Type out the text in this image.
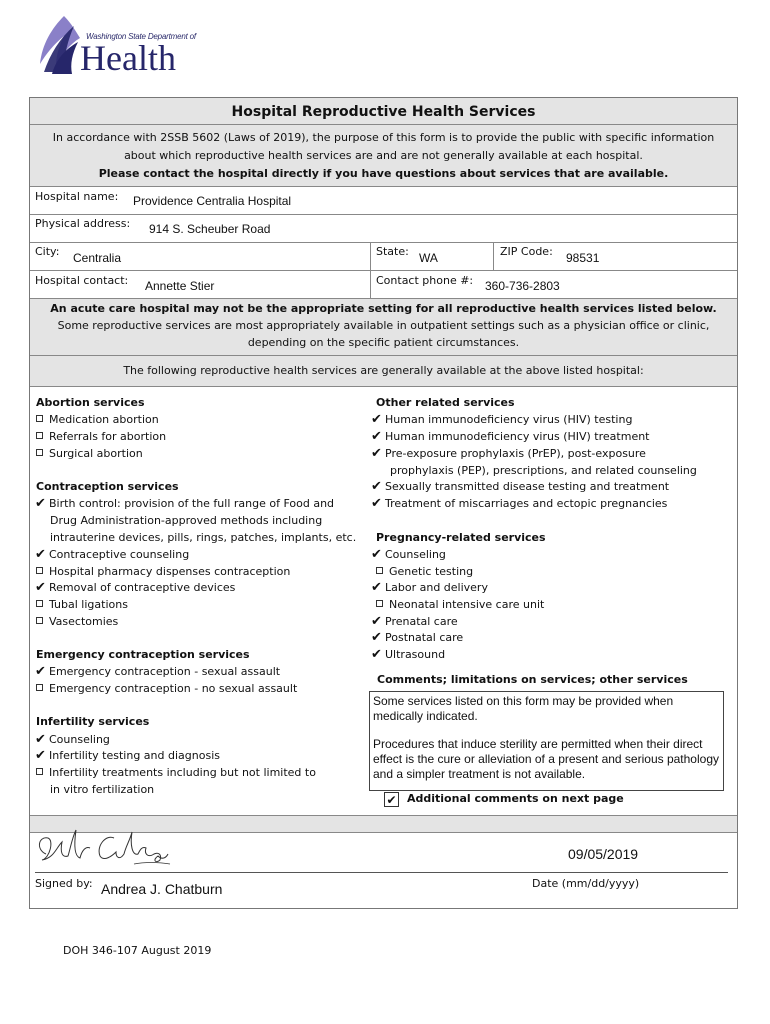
Washington State Department of
Health
Hospital Reproductive Health Services
In accordance with 2SSB 5602 (Laws of 2019), the purpose of this form is to provide the public with specific information
about which reproductive health services are and are not generally available at each hospital.
Please contact the hospital directly if you have questions about services that are available.
Hospital name: Providence Centralia Hospital
Physical address: 914 S. Scheuber Road
City: Centralia	State: WA	ZIP Code: 98531
Hospital contact: Annette Stier	Contact phone #: 360-736-2803
An acute care hospital may not be the appropriate setting for all reproductive health services listed below.
Some reproductive services are most appropriately available in outpatient settings such as a physician office or clinic,
depending on the specific patient circumstances.
The following reproductive health services are generally available at the above listed hospital:
Abortion services
Medication abortion
Referrals for abortion
Surgical abortion
Contraception services
✔ Birth control: provision of the full range of Food and
Drug Administration-approved methods including
intrauterine devices, pills, rings, patches, implants, etc.
✔ Contraceptive counseling
Hospital pharmacy dispenses contraception
✔ Removal of contraceptive devices
Tubal ligations
Vasectomies
Emergency contraception services
✔ Emergency contraception - sexual assault
Emergency contraception - no sexual assault
Infertility services
✔ Counseling
✔ Infertility testing and diagnosis
Infertility treatments including but not limited to
in vitro fertilization
Other related services
✔ Human immunodeficiency virus (HIV) testing
✔ Human immunodeficiency virus (HIV) treatment
✔ Pre-exposure prophylaxis (PrEP), post-exposure
prophylaxis (PEP), prescriptions, and related counseling
✔ Sexually transmitted disease testing and treatment
✔ Treatment of miscarriages and ectopic pregnancies
Pregnancy-related services
✔ Counseling
Genetic testing
✔ Labor and delivery
Neonatal intensive care unit
✔ Prenatal care
✔ Postnatal care
✔ Ultrasound
Comments; limitations on services; other services
Some services listed on this form may be provided when medically indicated.
Procedures that induce sterility are permitted when their direct effect is the cure or alleviation of a present and serious pathology and a simpler treatment is not available.
✔ Additional comments on next page
09/05/2019
Signed by: Andrea J. Chatburn	Date (mm/dd/yyyy)
DOH 346-107 August 2019
